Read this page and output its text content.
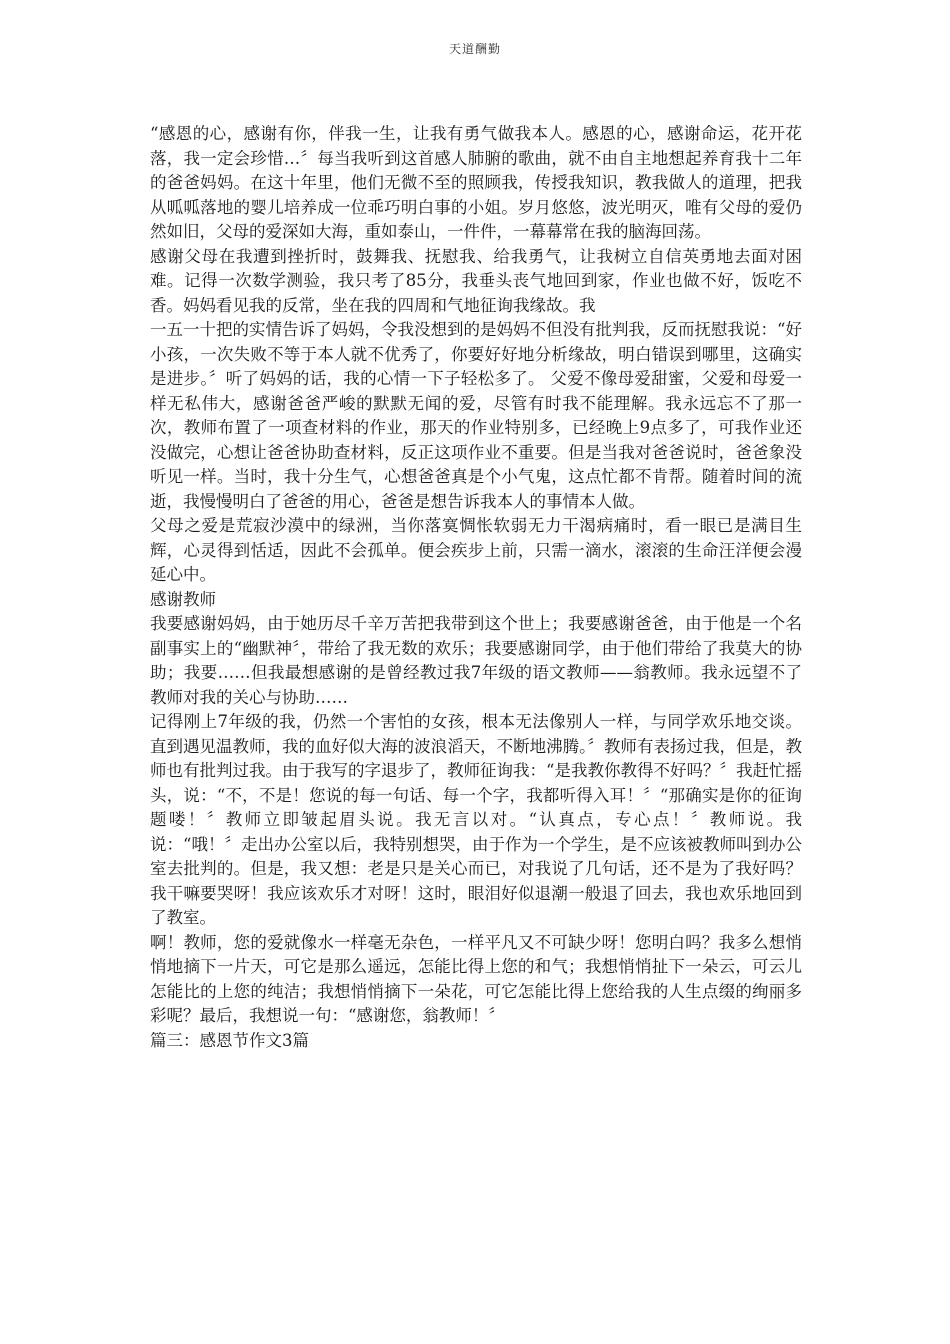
天道酬勤

“感恩的心，感谢有你，伴我一生，让我有勇气做我本人。感恩的心，感谢命运，花开花落，我一定会珍惜…〞每当我听到这首感人肺腑的歌曲，就不由自主地想起养育我十二年的爸爸妈妈。在这十年里，他们无微不至的照顾我，传授我知识，教我做人的道理，把我从呱呱落地的婴儿培养成一位乖巧明白事的小姐。岁月悠悠，波光明灭，唯有父母的爱仍然如旧，父母的爱深如大海，重如泰山，一件件，一幕幕常在我的脑海回荡。

感谢父母在我遭到挫折时，鼓舞我、抚慰我、给我勇气，让我树立自信英勇地去面对困难。记得一次数学测验，我只考了85分，我垂头丧气地回到家，作业也做不好，饭吃不香。妈妈看见我的反常，坐在我的四周和气地征询我缘故。我

一五一十把的实情告诉了妈妈，令我没想到的是妈妈不但没有批判我，反而抚慰我说：“好小孩，一次失败不等于本人就不优秀了，你要好好地分析缘故，明白错误到哪里，这确实是进步。〞听了妈妈的话，我的心情一下子轻松多了。 父爱不像母爱甜蜜，父爱和母爱一样无私伟大，感谢爸爸严峻的默默无闻的爱，尽管有时我不能理解。我永远忘不了那一次，教师布置了一项查材料的作业，那天的作业特别多，已经晚上9点多了，可我作业还没做完，心想让爸爸协助查材料，反正这项作业不重要。但是当我对爸爸说时，爸爸象没听见一样。当时，我十分生气，心想爸爸真是个小气鬼，这点忙都不肯帮。随着时间的流逝，我慢慢明白了爸爸的用心，爸爸是想告诉我本人的事情本人做。

父母之爱是荒寂沙漠中的绿洲，当你落寞惆怅软弱无力干渴病痛时，看一眼已是满目生辉，心灵得到恬适，因此不会孤单。便会疾步上前，只需一滴水，滚滚的生命汪洋便会漫延心中。

感谢教师

我要感谢妈妈，由于她历尽千辛万苦把我带到这个世上；我要感谢爸爸，由于他是一个名副事实上的“幽默神〞，带给了我无数的欢乐；我要感谢同学，由于他们带给了我莫大的协助；我要……但我最想感谢的是曾经教过我7年级的语文教师——翁教师。我永远望不了教师对我的关心与协助……

记得刚上7年级的我，仍然一个害怕的女孩，根本无法像别人一样，与同学欢乐地交谈。直到遇见温教师，我的血好似大海的波浪滔天，不断地沸腾。〞教师有表扬过我，但是，教师也有批判过我。由于我写的字退步了，教师征询我：“是我教你教得不好吗？〞我赶忙摇头，说：“不，不是！您说的每一句话、每一个字，我都听得入耳！〞“那确实是你的征询题喽！〞教师立即皱起眉头说。我无言以对。“认真点，专心点！〞教师说。我说：“哦！〞走出办公室以后，我特别想哭，由于作为一个学生，是不应该被教师叫到办公室去批判的。但是，我又想：老是只是关心而已，对我说了几句话，还不是为了我好吗？我干嘛要哭呀！我应该欢乐才对呀！这时，眼泪好似退潮一般退了回去，我也欢乐地回到了教室。

啊！教师，您的爱就像水一样毫无杂色，一样平凡又不可缺少呀！您明白吗？我多么想悄悄地摘下一片天，可它是那么遥远，怎能比得上您的和气；我想悄悄扯下一朵云，可云儿怎能比的上您的纯洁；我想悄悄摘下一朵花，可它怎能比得上您给我的人生点缀的绚丽多彩呢？最后，我想说一句：“感谢您，翁教师！〞

篇三：感恩节作文3篇
